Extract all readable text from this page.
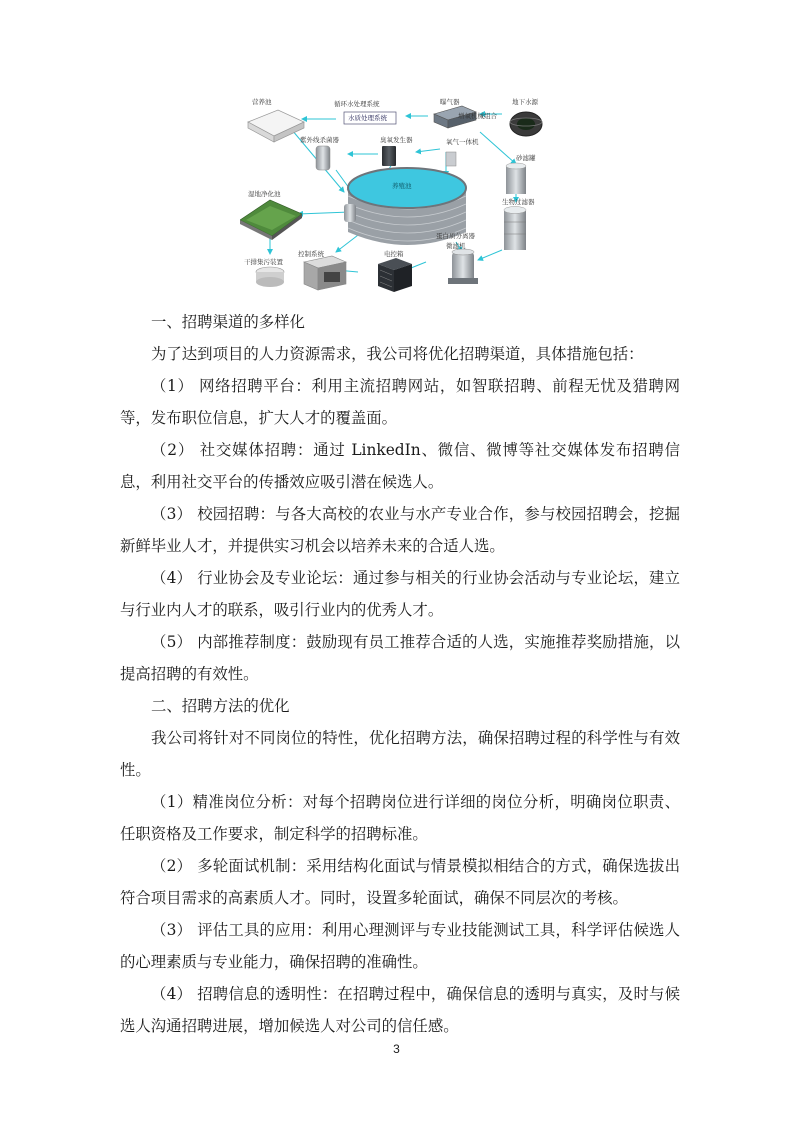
营养池	循环水处理系统
水质处理系统
曝气器
增氧机械组合
地下水源
紫外线杀菌器	臭氧发生器	氧气一体机
砂滤罐
湿地净化池
养殖池
干排集污装置
控制系统	电控箱
微滤机
生物过滤器
蛋白质分离器

一、招聘渠道的多样化

为了达到项目的人力资源需求，我公司将优化招聘渠道，具体措施包括：

（1） 网络招聘平台：利用主流招聘网站，如智联招聘、前程无忧及猎聘网等，发布职位信息，扩大人才的覆盖面。

（2） 社交媒体招聘：通过 LinkedIn、微信、微博等社交媒体发布招聘信息，利用社交平台的传播效应吸引潜在候选人。

（3） 校园招聘：与各大高校的农业与水产专业合作，参与校园招聘会，挖掘新鲜毕业人才，并提供实习机会以培养未来的合适人选。

（4） 行业协会及专业论坛：通过参与相关的行业协会活动与专业论坛，建立与行业内人才的联系，吸引行业内的优秀人才。

（5） 内部推荐制度：鼓励现有员工推荐合适的人选，实施推荐奖励措施，以提高招聘的有效性。

二、招聘方法的优化

我公司将针对不同岗位的特性，优化招聘方法，确保招聘过程的科学性与有效性。

（1）精准岗位分析：对每个招聘岗位进行详细的岗位分析，明确岗位职责、任职资格及工作要求，制定科学的招聘标准。

（2） 多轮面试机制：采用结构化面试与情景模拟相结合的方式，确保选拔出符合项目需求的高素质人才。同时，设置多轮面试，确保不同层次的考核。

（3） 评估工具的应用：利用心理测评与专业技能测试工具，科学评估候选人的心理素质与专业能力，确保招聘的准确性。

（4） 招聘信息的透明性：在招聘过程中，确保信息的透明与真实，及时与候选人沟通招聘进展，增加候选人对公司的信任感。

3
